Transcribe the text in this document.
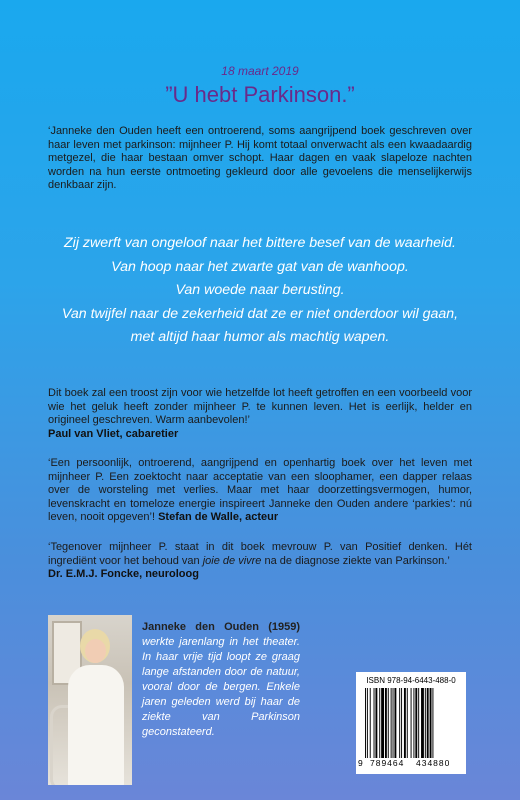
18 maart 2019
”U hebt Parkinson.”
‘Janneke den Ouden heeft een ontroerend, soms aangrijpend boek geschreven over haar leven met parkinson: mijnheer P. Hij komt totaal onverwacht als een kwaadaardig metgezel, die haar bestaan omver schopt. Haar dagen en vaak slapeloze nachten worden na hun eerste ontmoeting gekleurd door alle gevoelens die menselijkerwijs denkbaar zijn.
Zij zwerft van ongeloof naar het bittere besef van de waarheid.
Van hoop naar het zwarte gat van de wanhoop.
Van woede naar berusting.
Van twijfel naar de zekerheid dat ze er niet onderdoor wil gaan,
met altijd haar humor als machtig wapen.
Dit boek zal een troost zijn voor wie hetzelfde lot heeft getroffen en een voorbeeld voor wie het geluk heeft zonder mijnheer P. te kunnen leven. Het is eerlijk, helder en origineel geschreven. Warm aanbevolen!’
Paul van Vliet, cabaretier
‘Een persoonlijk, ontroerend, aangrijpend en openhartig boek over het leven met mijnheer P. Een zoektocht naar acceptatie van een sloophamer, een dapper relaas over de worsteling met verlies. Maar met haar doorzettingsvermogen, humor, levenskracht en tomeloze energie inspireert Janneke den Ouden andere ‘parkies’: nú leven, nooit opgeven’! Stefan de Walle, acteur
‘Tegenover mijnheer P. staat in dit boek mevrouw P. van Positief denken. Hét ingrediënt voor het behoud van joie de vivre na de diagnose ziekte van Parkinson.’
Dr. E.M.J. Foncke, neuroloog
Janneke den Ouden (1959) werkte jarenlang in het theater. In haar vrije tijd loopt ze graag lange afstanden door de natuur, vooral door de bergen. Enkele jaren geleden werd bij haar de ziekte van Parkinson geconstateerd.
ISBN 978-94-6443-488-0
9 789464 434880
